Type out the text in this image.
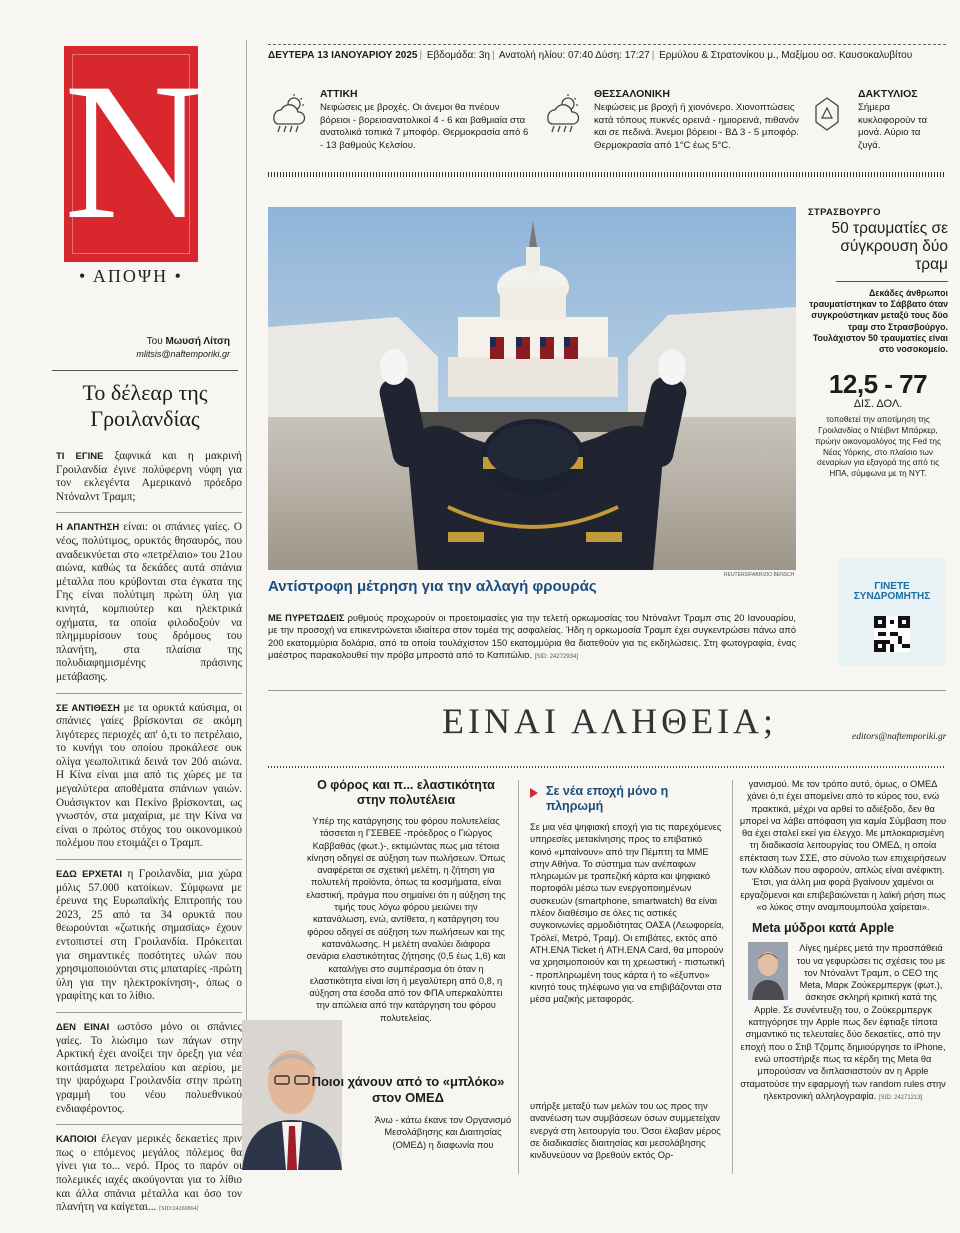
N
• ΑΠΟΨΗ •
Του Μωυσή Λίτση
mlitsis@naftemporiki.gr
Το δέλεαρ της Γροιλανδίας

ΤΙ ΕΓΙΝΕ ξαφνικά και η μακρινή Γροιλανδία έγινε πολύφερνη νύφη για τον εκλεγέντα Αμερικανό πρόεδρο Ντόναλντ Τραμπ;

Η ΑΠΑΝΤΗΣΗ είναι: οι σπάνιες γαίες. Ο νέος, πολύτιμος, ορυκτός θησαυρός, που αναδεικνύεται στο «πετρέλαιο» του 21ου αιώνα, καθώς τα δεκάδες αυτά σπάνια μέταλλα που κρύβονται στα έγκατα της Γης είναι πολύτιμη πρώτη ύλη για κινητά, κομπιούτερ και ηλεκτρικά οχήματα, τα οποία φιλοδοξούν να πλημμυρίσουν τους δρόμους του πλανήτη, στα πλαίσια της πολυδιαφημισμένης πράσινης μετάβασης.

ΣΕ ΑΝΤΙΘΕΣΗ με τα ορυκτά καύσιμα, οι σπάνιες γαίες βρίσκονται σε ακόμη λιγότερες περιοχές απ' ό,τι το πετρέλαιο, το κυνήγι του οποίου προκάλεσε ουκ ολίγα γεωπολιτικά δεινά τον 20ό αιώνα. Η Κίνα είναι μια από τις χώρες με τα μεγαλύτερα αποθέματα σπάνιων γαιών. Ουάσιγκτον και Πεκίνο βρίσκονται, ως γνωστόν, στα μαχαίρια, με την Κίνα να είναι ο πρώτος στόχος του οικονομικού πολέμου που ετοιμάζει ο Τραμπ.

ΕΔΩ ΕΡΧΕΤΑΙ η Γροιλανδία, μια χώρα μόλις 57.000 κατοίκων. Σύμφωνα με έρευνα της Ευρωπαϊκής Επιτροπής του 2023, 25 από τα 34 ορυκτά που θεωρούνται «ζωτικής σημασίας» έχουν εντοπιστεί στη Γροιλανδία. Πρόκειται για σημαντικές ποσότητες υλών που χρησιμοποιούνται στις μπαταρίες -πρώτη ύλη για την ηλεκτροκίνηση-, όπως ο γραφίτης και το λίθιο.

ΔΕΝ ΕΙΝΑΙ ωστόσο μόνο οι σπάνιες γαίες. Το λιώσιμο των πάγων στην Αρκτική έχει ανοίξει την όρεξη για νέα κοιτάσματα πετρελαίου και αερίου, με την ψαρόχωρα Γροιλανδία στην πρώτη γραμμή του νέου πολυεθνικού ενδιαφέροντος.

ΚΑΠΟΙΟΙ έλεγαν μερικές δεκαετίες πριν πως ο επόμενος μεγάλος πόλεμος θα γίνει για το... νερό. Προς το παρόν οι πολεμικές ιαχές ακούγονται για το λίθιο και άλλα σπάνια μέταλλα και όσο τον πλανήτη να καίγεται... [SID:24260864]

ΔΕΥΤΕΡΑ 13 ΙΑΝΟΥΑΡΙΟΥ 2025 | Εβδομάδα: 3η | Ανατολή ηλίου: 07:40 Δύση: 17:27 | Ερμύλου & Στρατονίκου μ., Μαξίμου οσ. Καυσοκαλυβίτου
ΑΤΤΙΚΗ
Νεφώσεις με βροχές. Οι άνεμοι θα πνέουν βόρειοι - βορειοανατολικοί 4 - 6 και βαθμιαία στα ανατολικά τοπικά 7 μποφόρ. Θερμοκρασία από 6 - 13 βαθμούς Κελσίου.
ΘΕΣΣΑΛΟΝΙΚΗ
Νεφώσεις με βροχή ή χιονόνερο. Χιονοπτώσεις κατά τόπους πυκνές ορεινά - ημιορεινά, πιθανόν και σε πεδινά. Άνεμοι βόρειοι - ΒΔ 3 - 5 μποφόρ. Θερμοκρασία από 1°C έως 5°C.
ΔΑΚΤΥΛΙΟΣ
Σήμερα κυκλοφορούν τα μονά. Αύριο τα ζυγά.
REUTERS/FABRIZIO BENSCH
Αντίστροφη μέτρηση για την αλλαγή φρουράς
ΜΕ ΠΥΡΕΤΩΔΕΙΣ ρυθμούς προχωρούν οι προετοιμασίες για την τελετή ορκωμοσίας του Ντόναλντ Τραμπ στις 20 Ιανουαρίου, με την προσοχή να επικεντρώνεται ιδιαίτερα στον τομέα της ασφαλείας. Ήδη η ορκωμοσία Τραμπ έχει συγκεντρώσει πάνω από 200 εκατομμύρια δολάρια, από τα οποία τουλάχιστον 150 εκατομμύρια θα διατεθούν για τις εκδηλώσεις. Στη φωτογραφία, ένας μαέστρος παρακολουθεί την πρόβα μπροστά από το Καπιτώλιο. [SID: 24272934]
ΣΤΡΑΣΒΟΥΡΓΟ
50 τραυματίες σε σύγκρουση δύο τραμ
Δεκάδες άνθρωποι τραυματίστηκαν το Σάββατο όταν συγκρούστηκαν μεταξύ τους δύο τραμ στο Στρασβούργο. Τουλάχιστον 50 τραυματίες είναι στο νοσοκομείο.
12,5 - 77
ΔΙΣ. ΔΟΛ.
τοποθετεί την αποτίμηση της Γροιλανδίας ο Ντέιβιντ Μπάρκερ, πρώην οικονομολόγος της Fed της Νέας Υόρκης, στο πλαίσιο των σεναρίων για εξαγορά της από τις ΗΠΑ, σύμφωνα με τη NYT.
ΓΙΝΕΤΕ ΣΥΝΔΡΟΜΗΤΗΣ
ΕΙΝΑΙ ΑΛΗΘΕΙΑ;	editors@naftemporiki.gr
Ο φόρος και π... ελαστικότητα στην πολυτέλεια
Υπέρ της κατάργησης του φόρου πολυτελείας τάσσεται η ΓΣΕΒΕΕ -πρόεδρος ο Γιώργος Καββαθάς (φωτ.)-, εκτιμώντας πως μια τέτοια κίνηση οδηγεί σε αύξηση των πωλήσεων. Όπως αναφέρεται σε σχετική μελέτη, η ζήτηση για πολυτελή προϊόντα, όπως τα κοσμήματα, είναι ελαστική, πράγμα που σημαίνει ότι η αύξηση της τιμής τους λόγω φόρου μειώνει την κατανάλωση, ενώ, αντίθετα, η κατάργηση του φόρου οδηγεί σε αύξηση των πωλήσεων και της κατανάλωσης. Η μελέτη αναλύει διάφορα σενάρια ελαστικότητας ζήτησης (0,5 έως 1,6) και καταλήγει στο συμπέρασμα ότι όταν η ελαστικότητα είναι ίση ή μεγαλύτερη από 0,8, η αύξηση στα έσοδα από τον ΦΠΑ υπερκαλύπτει την απώλεια από την κατάργηση του φόρου πολυτελείας.
Σε νέα εποχή μόνο η πληρωμή
Σε μια νέα ψηφιακή εποχή για τις παρεχόμενες υπηρεσίες μετακίνησης προς το επιβατικό κοινό «μπαίνουν» από την Πέμπτη τα ΜΜΕ στην Αθήνα. Το σύστημα των ανέπαφων πληρωμών με τραπεζική κάρτα και ψηφιακό πορτοφόλι μέσω των ενεργοποιημένων συσκευών (smartphone, smartwatch) θα είναι πλέον διαθέσιμο σε όλες τις αστικές συγκοινωνίες αρμοδιότητας ΟΑΣΑ (Λεωφορεία, Τρόλεϊ, Μετρό, Τραμ). Οι επιβάτες, εκτός από ATH.ENA Ticket ή ATH.ENA Card, θα μπορούν να χρησιμοποιούν και τη χρεωστική - πιστωτική - προπληρωμένη τους κάρτα ή το «έξυπνο» κινητό τους τηλέφωνο για να επιβιβάζονται στα μέσα μαζικής μεταφοράς.
γανισμού. Με τον τρόπο αυτό, όμως, ο ΟΜΕΔ χάνει ό,τι έχει απομείνει από το κύρος του, ενώ πρακτικά, μέχρι να αρθεί το αδιέξοδο, δεν θα μπορεί να λάβει απόφαση για καμία Σύμβαση που θα έχει σταλεί εκεί για έλεγχο. Με μπλοκαρισμένη τη διαδικασία λειτουργίας του ΟΜΕΔ, η οποία επέκταση των ΣΣΕ, στο σύνολο των επιχειρήσεων των κλάδων που αφορούν, απλώς είναι ανέφικτη. Έτσι, για άλλη μια φορά βγαίνουν χαμένοι οι εργαζόμενοι και επιβεβαιώνεται η λαϊκή ρήση πως «ο λύκος στην αναμπουμπούλα χαίρεται».
Meta μύδροι κατά Apple
Λίγες ημέρες μετά την προσπάθειά του να γεφυρώσει τις σχέσεις του με τον Ντόναλντ Τραμπ, ο CEO της Meta, Μαρκ Ζούκερμπεργκ (φωτ.), άσκησε σκληρή κριτική κατά της Apple. Σε συνέντευξη του, ο Ζούκερμπεργκ κατηγόρησε την Apple πως δεν έφτιαξε τίποτα σημαντικό τις τελευταίες δύο δεκαετίες, από την εποχή που ο Στιβ Τζομπς δημιούργησε το iPhone, ενώ υποστήριξε πως τα κέρδη της Meta θα μπορούσαν να διπλασιαστούν αν η Apple σταματούσε την εφαρμογή των random rules στην ηλεκτρονική αλληλογραφία. [SID: 24271213]
Ποιοι χάνουν από το «μπλόκο» στον ΟΜΕΔ
Άνω - κάτω έκανε τον Οργανισμό Μεσολάβησης και Διαιτησίας (ΟΜΕΔ) η διαφωνία που
υπήρξε μεταξύ των μελών του ως προς την ανανέωση των συμβάσεων όσων συμμετείχαν ενεργά στη λειτουργία του. Όσοι έλαβαν μέρος σε διαδικασίες διαιτησίας και μεσολάβησης κινδυνεύουν να βρεθούν εκτός Ορ-
